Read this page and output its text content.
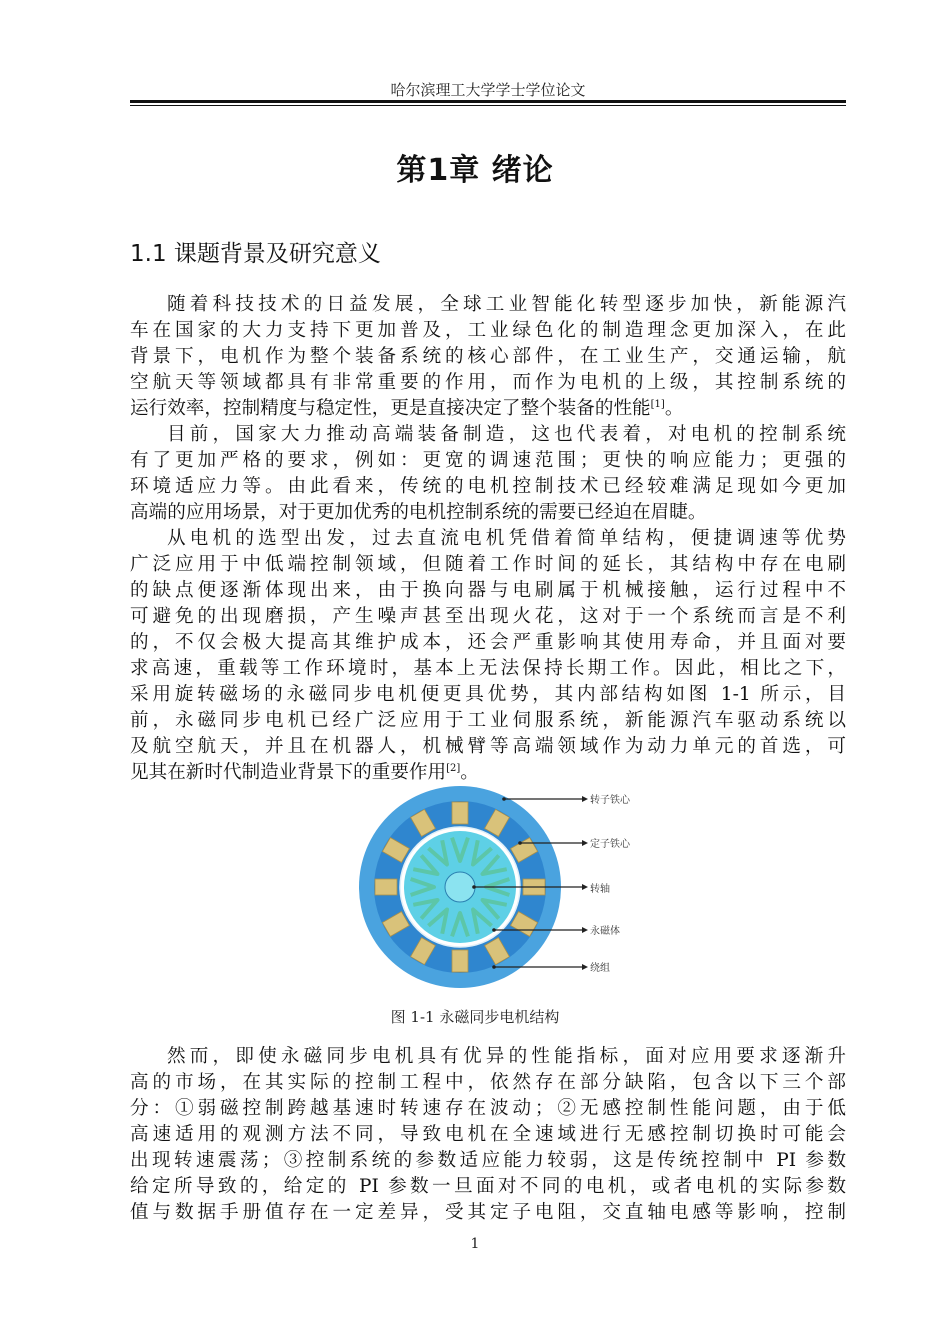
哈尔滨理工大学学士学位论文
第1章 绪论
1.1 课题背景及研究意义
随着科技技术的日益发展，全球工业智能化转型逐步加快，新能源汽
车在国家的大力支持下更加普及，工业绿色化的制造理念更加深入，在此
背景下，电机作为整个装备系统的核心部件，在工业生产，交通运输，航
空航天等领域都具有非常重要的作用，而作为电机的上级，其控制系统的
运行效率，控制精度与稳定性，更是直接决定了整个装备的性能[1]。
目前，国家大力推动高端装备制造，这也代表着，对电机的控制系统
有了更加严格的要求，例如：更宽的调速范围；更快的响应能力；更强的
环境适应力等。由此看来，传统的电机控制技术已经较难满足现如今更加
高端的应用场景，对于更加优秀的电机控制系统的需要已经迫在眉睫。
从电机的选型出发，过去直流电机凭借着简单结构，便捷调速等优势
广泛应用于中低端控制领域，但随着工作时间的延长，其结构中存在电刷
的缺点便逐渐体现出来，由于换向器与电刷属于机械接触，运行过程中不
可避免的出现磨损，产生噪声甚至出现火花，这对于一个系统而言是不利
的，不仅会极大提高其维护成本，还会严重影响其使用寿命，并且面对要
求高速，重载等工作环境时，基本上无法保持长期工作。因此，相比之下，
采用旋转磁场的永磁同步电机便更具优势，其内部结构如图 1-1 所示，目
前，永磁同步电机已经广泛应用于工业伺服系统，新能源汽车驱动系统以
及航空航天，并且在机器人，机械臂等高端领域作为动力单元的首选，可
见其在新时代制造业背景下的重要作用[2]。
转子铁心
定子铁心
转轴
永磁体
绕组
图 1-1 永磁同步电机结构
然而，即使永磁同步电机具有优异的性能指标，面对应用要求逐渐升
高的市场，在其实际的控制工程中，依然存在部分缺陷，包含以下三个部
分：①弱磁控制跨越基速时转速存在波动；②无感控制性能问题，由于低
高速适用的观测方法不同，导致电机在全速域进行无感控制切换时可能会
出现转速震荡；③控制系统的参数适应能力较弱，这是传统控制中 PI 参数
给定所导致的，给定的 PI 参数一旦面对不同的电机，或者电机的实际参数
值与数据手册值存在一定差异，受其定子电阻，交直轴电感等影响，控制
1
